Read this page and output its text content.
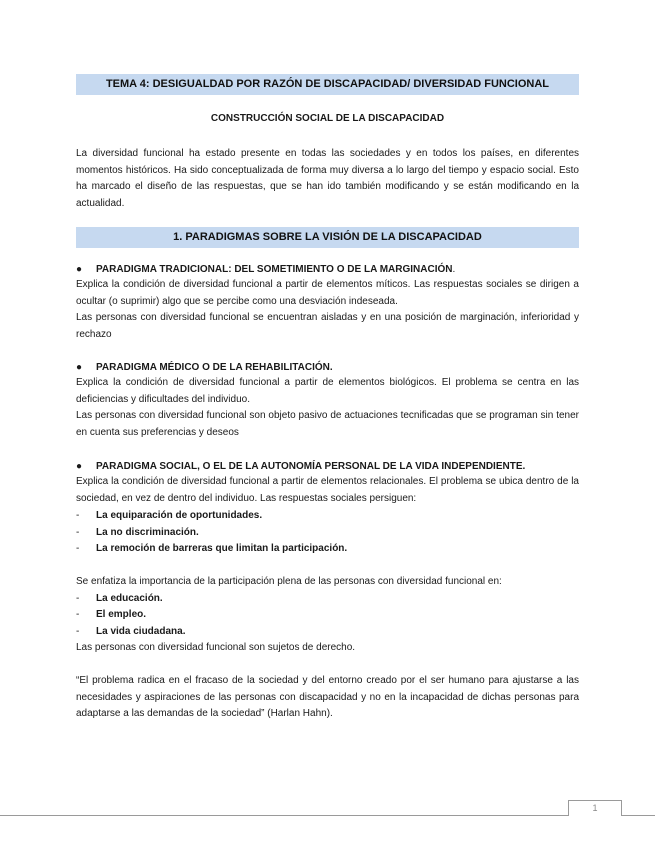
TEMA 4: DESIGUALDAD POR RAZÓN DE DISCAPACIDAD/ DIVERSIDAD FUNCIONAL
CONSTRUCCIÓN SOCIAL DE LA DISCAPACIDAD

La diversidad funcional ha estado presente en todas las sociedades y en todos los países, en diferentes momentos históricos. Ha sido conceptualizada de forma muy diversa a lo largo del tiempo y espacio social. Esto ha marcado el diseño de las respuestas, que se han ido también modificando y se están modificando en la actualidad.

1. PARADIGMAS SOBRE LA VISIÓN DE LA DISCAPACIDAD
● PARADIGMA TRADICIONAL: DEL SOMETIMIENTO O DE LA MARGINACIÓN.

Explica la condición de diversidad funcional a partir de elementos míticos. Las respuestas sociales se dirigen a ocultar (o suprimir) algo que se percibe como una desviación indeseada.

Las personas con diversidad funcional se encuentran aisladas y en una posición de marginación, inferioridad y rechazo

● PARADIGMA MÉDICO O DE LA REHABILITACIÓN.

Explica la condición de diversidad funcional a partir de elementos biológicos. El problema se centra en las deficiencias y dificultades del individuo.

Las personas con diversidad funcional son objeto pasivo de actuaciones tecnificadas que se programan sin tener en cuenta sus preferencias y deseos

● PARADIGMA SOCIAL, O EL DE LA AUTONOMÍA PERSONAL DE LA VIDA INDEPENDIENTE.

Explica la condición de diversidad funcional a partir de elementos relacionales. El problema se ubica dentro de la sociedad, en vez de dentro del individuo. Las respuestas sociales persiguen:

- La equiparación de oportunidades.
- La no discriminación.
- La remoción de barreras que limitan la participación.

Se enfatiza la importancia de la participación plena de las personas con diversidad funcional en:

- La educación.
- El empleo.
- La vida ciudadana.

Las personas con diversidad funcional son sujetos de derecho.

“El problema radica en el fracaso de la sociedad y del entorno creado por el ser humano para ajustarse a las necesidades y aspiraciones de las personas con discapacidad y no en la incapacidad de dichas personas para adaptarse a las demandas de la sociedad” (Harlan Hahn).

1
